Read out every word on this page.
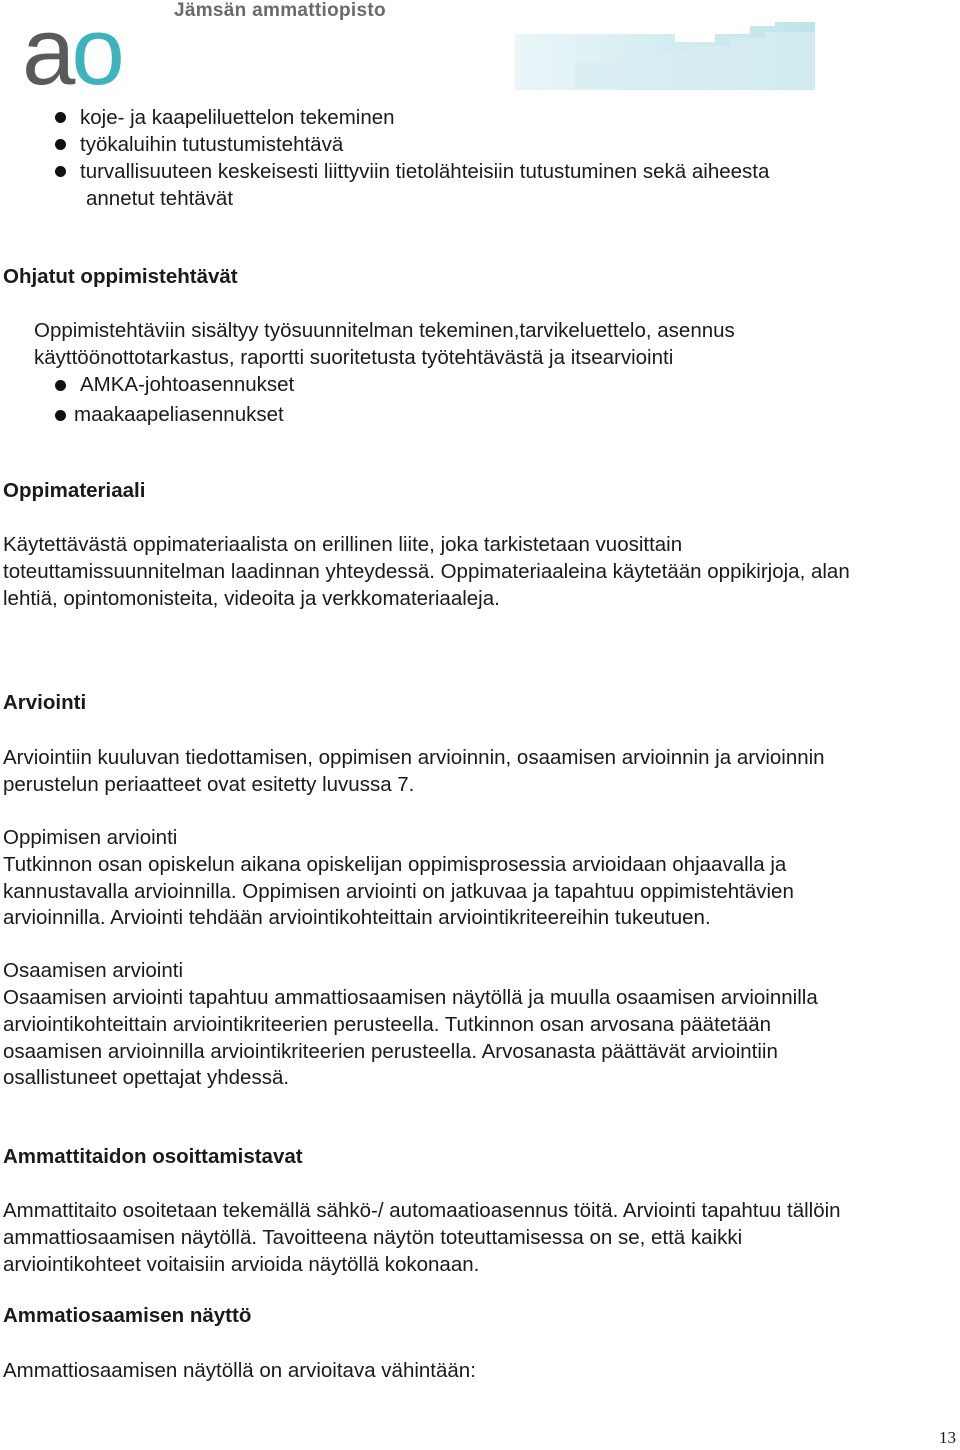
ao	Jämsän ammattiopisto

koje- ja kaapeliluettelon tekeminen

työkaluihin tutustumistehtävä

turvallisuuteen keskeisesti liittyviin tietolähteisiin tutustuminen sekä aiheesta

annetut tehtävät

Ohjatut oppimistehtävät

Oppimistehtäviin sisältyy työsuunnitelman tekeminen,tarvikeluettelo, asennus

käyttöönottotarkastus, raportti suoritetusta työtehtävästä ja itsearviointi

AMKA-johtoasennukset

maakaapeliasennukset

Oppimateriaali

Käytettävästä oppimateriaalista on erillinen liite, joka tarkistetaan vuosittain

toteuttamissuunnitelman laadinnan yhteydessä. Oppimateriaaleina käytetään oppikirjoja, alan

lehtiä, opintomonisteita, videoita ja verkkomateriaaleja.

Arviointi

Arviointiin kuuluvan tiedottamisen, oppimisen arvioinnin, osaamisen arvioinnin ja arvioinnin

perustelun periaatteet ovat esitetty luvussa 7.

Oppimisen arviointi

Tutkinnon osan opiskelun aikana opiskelijan oppimisprosessia arvioidaan ohjaavalla ja

kannustavalla arvioinnilla. Oppimisen arviointi on jatkuvaa ja tapahtuu oppimistehtävien

arvioinnilla. Arviointi tehdään arviointikohteittain arviointikriteereihin tukeutuen.

Osaamisen arviointi

Osaamisen arviointi tapahtuu ammattiosaamisen näytöllä ja muulla osaamisen arvioinnilla

arviointikohteittain arviointikriteerien perusteella. Tutkinnon osan arvosana päätetään

osaamisen arvioinnilla arviointikriteerien perusteella. Arvosanasta päättävät arviointiin

osallistuneet opettajat yhdessä.

Ammattitaidon osoittamistavat

Ammattitaito osoitetaan tekemällä sähkö-/ automaatioasennus töitä. Arviointi tapahtuu tällöin

ammattiosaamisen näytöllä. Tavoitteena näytön toteuttamisessa on se, että kaikki

arviointikohteet voitaisiin arvioida näytöllä kokonaan.

Ammatiosaamisen näyttö

Ammattiosaamisen näytöllä on arvioitava vähintään:

13
